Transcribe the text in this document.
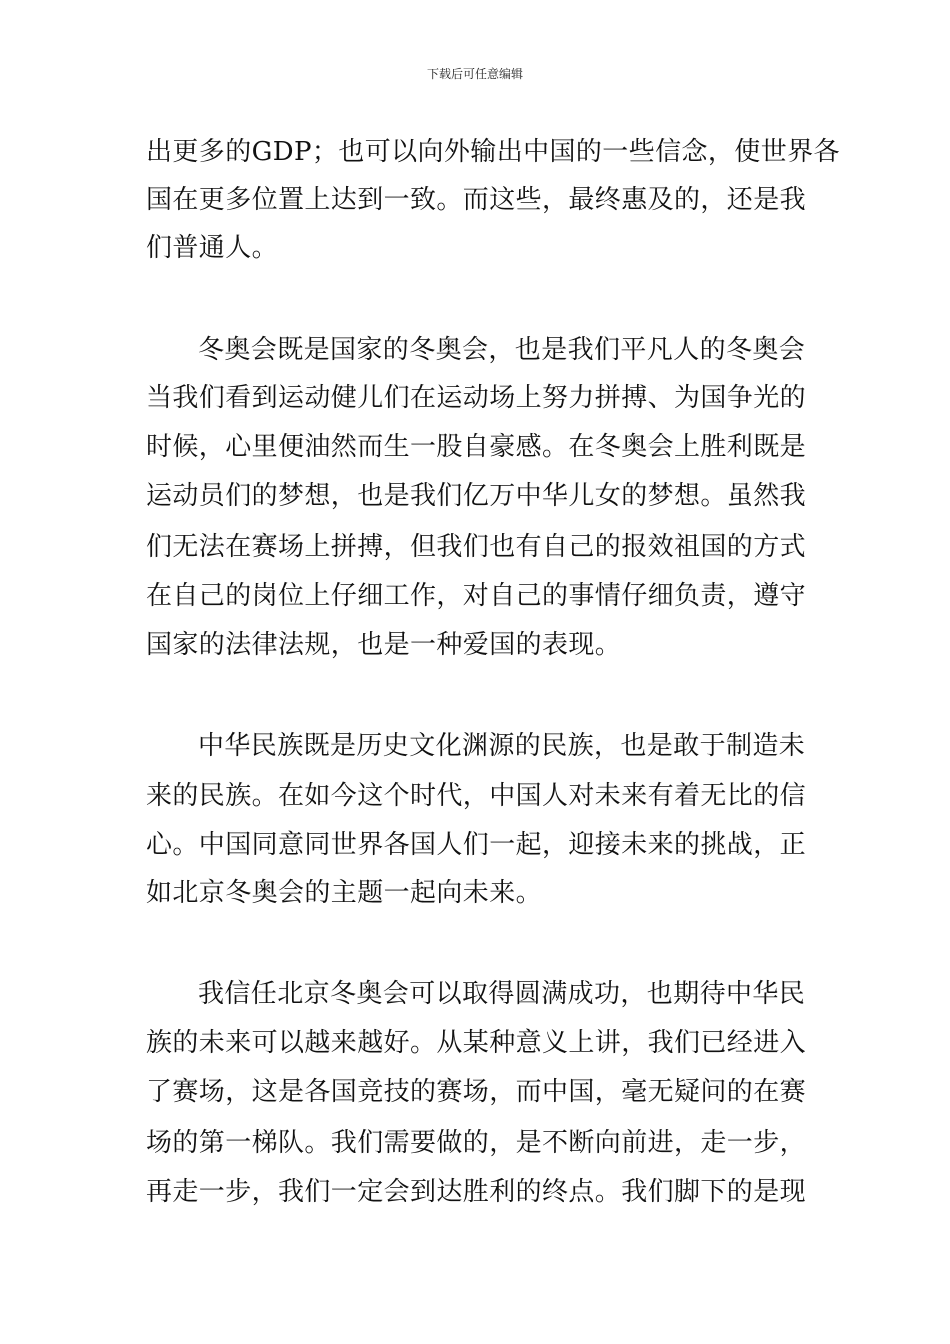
下载后可任意编辑
出更多的GDP；也可以向外输出中国的一些信念，使世界各
国在更多位置上达到一致。而这些，最终惠及的，还是我
们普通人。
冬奥会既是国家的冬奥会，也是我们平凡人的冬奥会
当我们看到运动健儿们在运动场上努力拼搏、为国争光的
时候，心里便油然而生一股自豪感。在冬奥会上胜利既是
运动员们的梦想，也是我们亿万中华儿女的梦想。虽然我
们无法在赛场上拼搏，但我们也有自己的报效祖国的方式
在自己的岗位上仔细工作，对自己的事情仔细负责，遵守
国家的法律法规，也是一种爱国的表现。
中华民族既是历史文化渊源的民族，也是敢于制造未
来的民族。在如今这个时代，中国人对未来有着无比的信
心。中国同意同世界各国人们一起，迎接未来的挑战，正
如北京冬奥会的主题一起向未来。
我信任北京冬奥会可以取得圆满成功，也期待中华民
族的未来可以越来越好。从某种意义上讲，我们已经进入
了赛场，这是各国竞技的赛场，而中国，毫无疑问的在赛
场的第一梯队。我们需要做的，是不断向前进，走一步，
再走一步，我们一定会到达胜利的终点。我们脚下的是现
